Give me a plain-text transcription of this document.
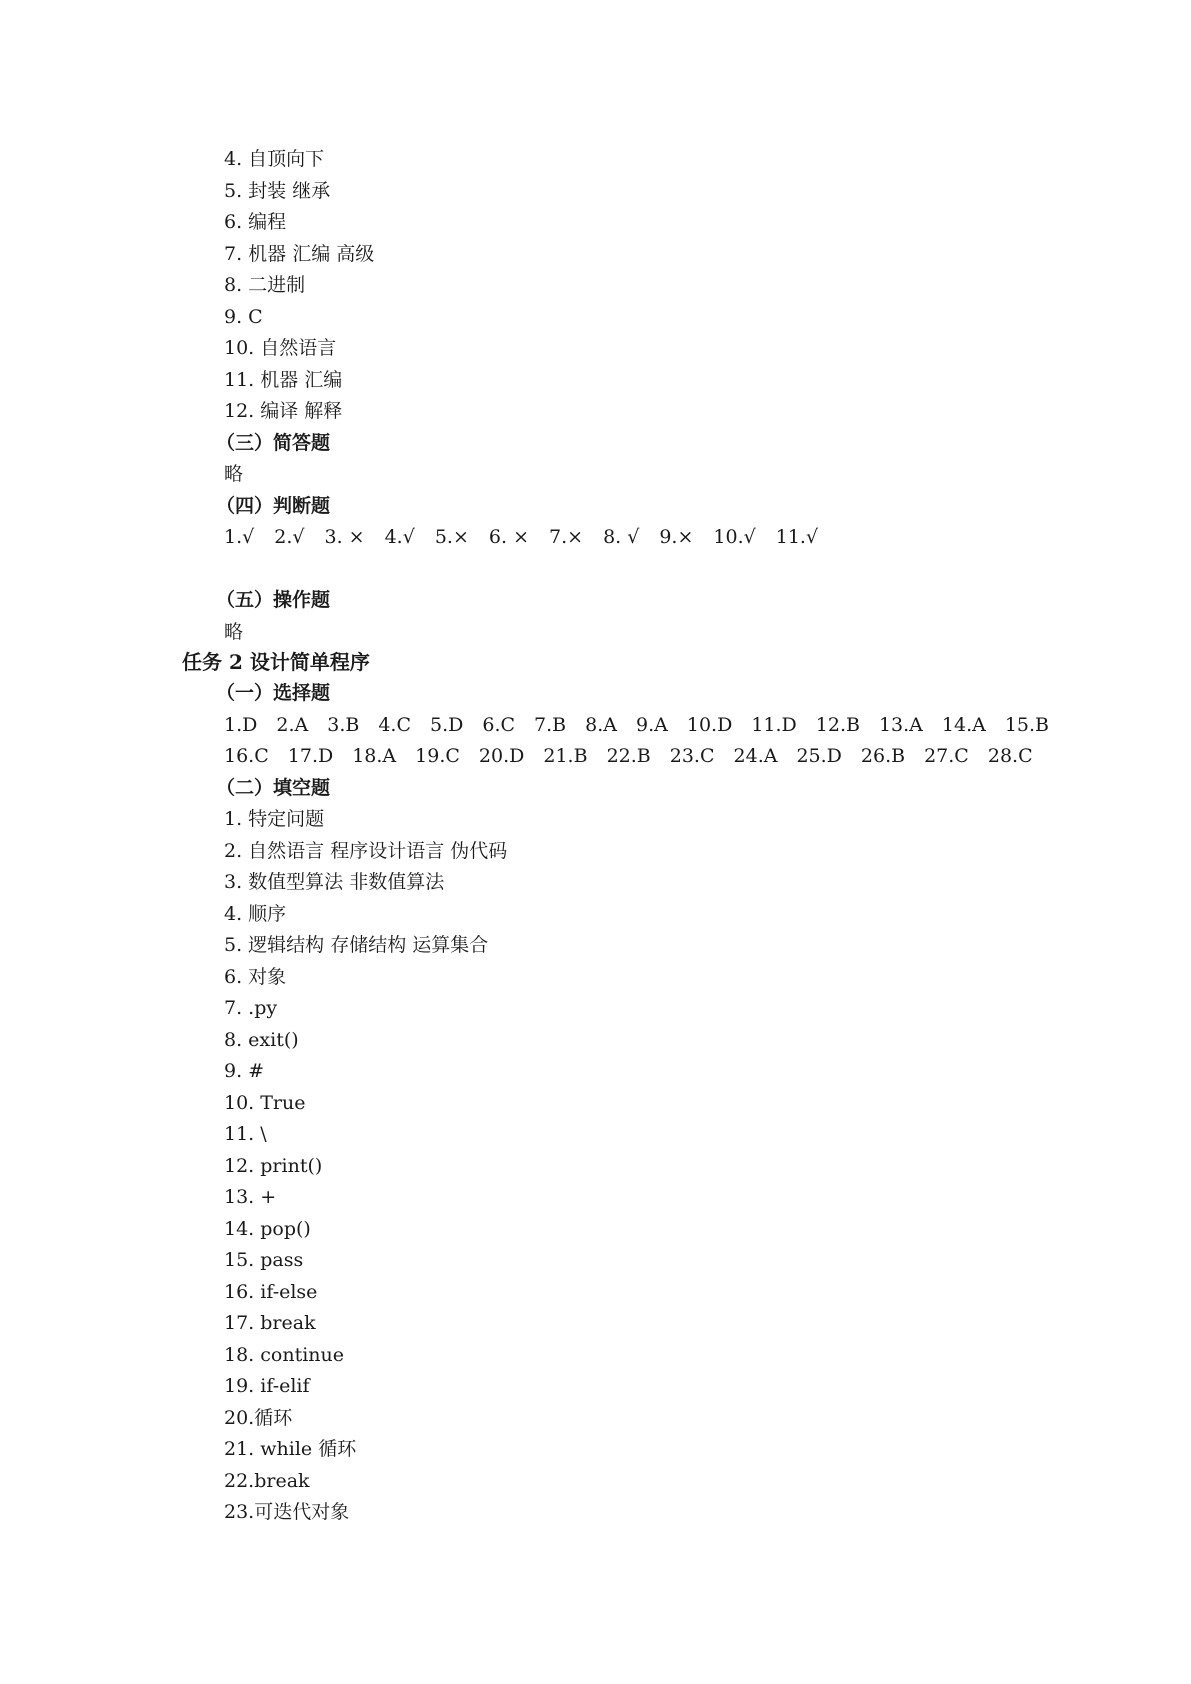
4. 自顶向下
5. 封装 继承
6. 编程
7. 机器 汇编 高级
8. 二进制
9. C
10. 自然语言
11. 机器 汇编
12. 编译 解释
（三）简答题
略
（四）判断题
1.√ 2.√ 3. × 4.√ 5.× 6. × 7.× 8. √ 9.× 10.√ 11.√
（五）操作题
略
任务 2 设计简单程序
（一）选择题
1.D 2.A 3.B 4.C 5.D 6.C 7.B 8.A 9.A 10.D 11.D 12.B 13.A 14.A 15.B
16.C 17.D 18.A 19.C 20.D 21.B 22.B 23.C 24.A 25.D 26.B 27.C 28.C
（二）填空题
1. 特定问题
2. 自然语言 程序设计语言 伪代码
3. 数值型算法 非数值算法
4. 顺序
5. 逻辑结构 存储结构 运算集合
6. 对象
7. .py
8. exit()
9. #
10. True
11. \
12. print()
13. +
14. pop()
15. pass
16. if-else
17. break
18. continue
19. if-elif
20.循环
21. while 循环
22.break
23.可迭代对象
